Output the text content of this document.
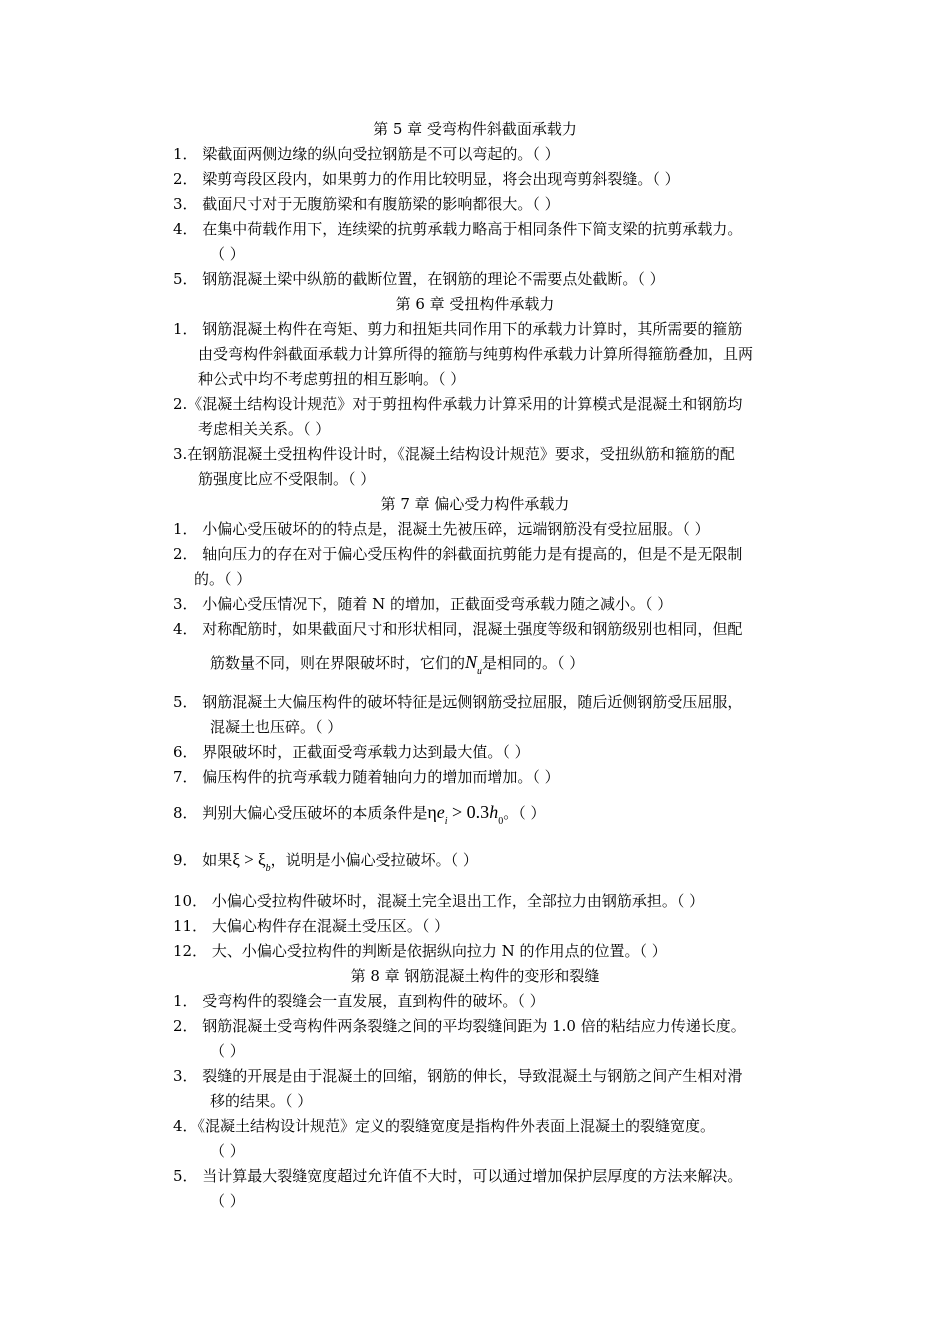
第 5 章 受弯构件斜截面承载力
1． 梁截面两侧边缘的纵向受拉钢筋是不可以弯起的。（ ）
2． 梁剪弯段区段内，如果剪力的作用比较明显，将会出现弯剪斜裂缝。（ ）
3． 截面尺寸对于无腹筋梁和有腹筋梁的影响都很大。（ ）
4． 在集中荷载作用下，连续梁的抗剪承载力略高于相同条件下简支梁的抗剪承载力。
（ ）
5． 钢筋混凝土梁中纵筋的截断位置，在钢筋的理论不需要点处截断。（ ）
第 6 章 受扭构件承载力
1． 钢筋混凝土构件在弯矩、剪力和扭矩共同作用下的承载力计算时，其所需要的箍筋
由受弯构件斜截面承载力计算所得的箍筋与纯剪构件承载力计算所得箍筋叠加，且两
种公式中均不考虑剪扭的相互影响。（ ）
2.《混凝土结构设计规范》对于剪扭构件承载力计算采用的计算模式是混凝土和钢筋均
考虑相关关系。（ ）
3.在钢筋混凝土受扭构件设计时，《混凝土结构设计规范》要求，受扭纵筋和箍筋的配
筋强度比应不受限制。（ ）
第 7 章 偏心受力构件承载力
1． 小偏心受压破坏的的特点是，混凝土先被压碎，远端钢筋没有受拉屈服。（ ）
2． 轴向压力的存在对于偏心受压构件的斜截面抗剪能力是有提高的，但是不是无限制
的。（ ）
3． 小偏心受压情况下，随着 N 的增加，正截面受弯承载力随之减小。（ ）
4． 对称配筋时，如果截面尺寸和形状相同，混凝土强度等级和钢筋级别也相同，但配
筋数量不同，则在界限破坏时，它们的$N_u$是相同的。（ ）
5． 钢筋混凝土大偏压构件的破坏特征是远侧钢筋受拉屈服，随后近侧钢筋受压屈服，
混凝土也压碎。（ ）
6． 界限破坏时，正截面受弯承载力达到最大值。（ ）
7． 偏压构件的抗弯承载力随着轴向力的增加而增加。（ ）
8． 判别大偏心受压破坏的本质条件是$\eta e_i > 0.3h_0$。（ ）
9． 如果$\xi > \xi_b$，说明是小偏心受拉破坏。（ ）
10． 小偏心受拉构件破坏时，混凝土完全退出工作，全部拉力由钢筋承担。（ ）
11． 大偏心构件存在混凝土受压区。（ ）
12． 大、小偏心受拉构件的判断是依据纵向拉力 N 的作用点的位置。（ ）
第 8 章 钢筋混凝土构件的变形和裂缝
1． 受弯构件的裂缝会一直发展，直到构件的破坏。（ ）
2． 钢筋混凝土受弯构件两条裂缝之间的平均裂缝间距为 1.0 倍的粘结应力传递长度。
（ ）
3． 裂缝的开展是由于混凝土的回缩，钢筋的伸长，导致混凝土与钢筋之间产生相对滑
移的结果。（ ）
4．《混凝土结构设计规范》定义的裂缝宽度是指构件外表面上混凝土的裂缝宽度。
（ ）
5． 当计算最大裂缝宽度超过允许值不大时，可以通过增加保护层厚度的方法来解决。
（ ）
